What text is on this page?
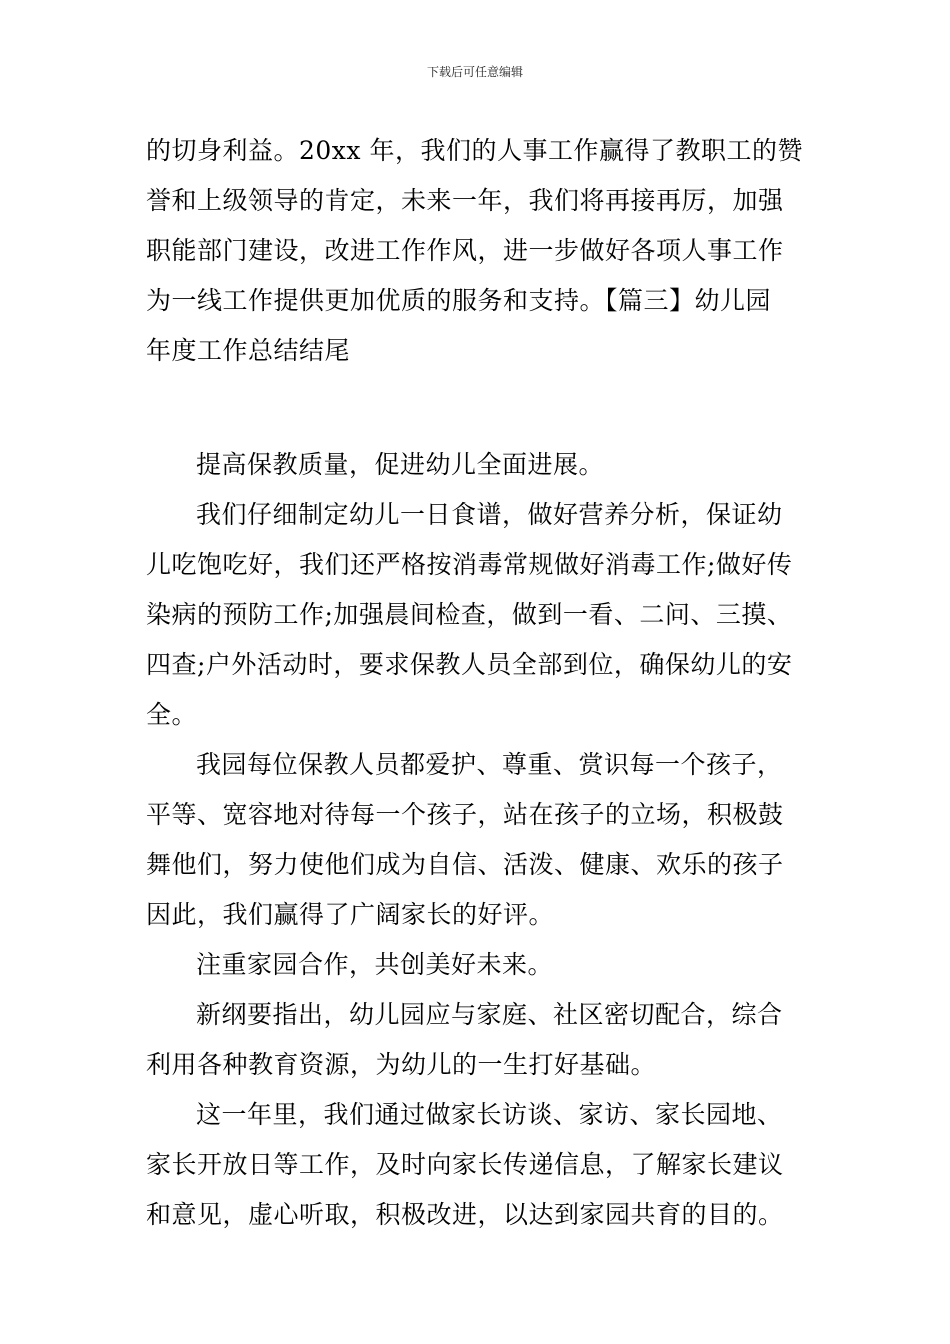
下载后可任意编辑
的切身利益。20xx 年，我们的人事工作赢得了教职工的赞
誉和上级领导的肯定，未来一年，我们将再接再厉，加强
职能部门建设，改进工作作风，进一步做好各项人事工作
为一线工作提供更加优质的服务和支持。【篇三】幼儿园
年度工作总结结尾
提高保教质量，促进幼儿全面进展。
我们仔细制定幼儿一日食谱，做好营养分析，保证幼
儿吃饱吃好，我们还严格按消毒常规做好消毒工作;做好传
染病的预防工作;加强晨间检查，做到一看、二问、三摸、
四查;户外活动时，要求保教人员全部到位，确保幼儿的安
全。
我园每位保教人员都爱护、尊重、赏识每一个孩子，
平等、宽容地对待每一个孩子，站在孩子的立场，积极鼓
舞他们，努力使他们成为自信、活泼、健康、欢乐的孩子
因此，我们赢得了广阔家长的好评。
注重家园合作，共创美好未来。
新纲要指出，幼儿园应与家庭、社区密切配合，综合
利用各种教育资源，为幼儿的一生打好基础。
这一年里，我们通过做家长访谈、家访、家长园地、
家长开放日等工作，及时向家长传递信息，了解家长建议
和意见，虚心听取，积极改进，以达到家园共育的目的。
